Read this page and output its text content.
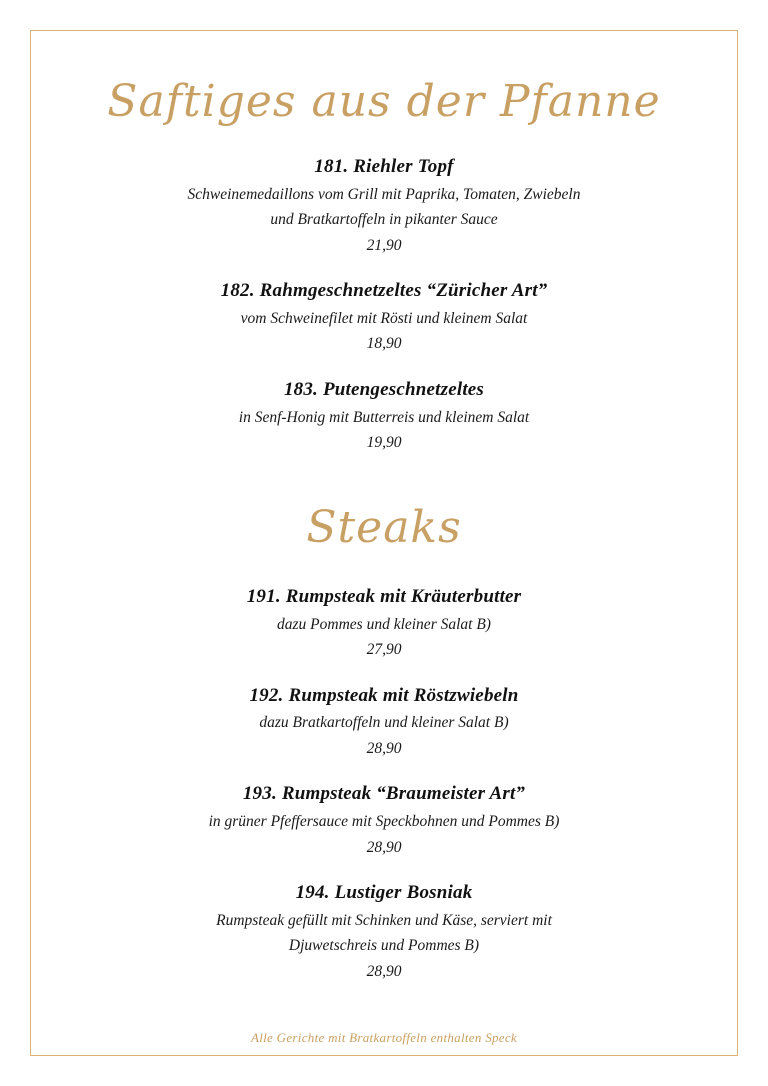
Saftiges aus der Pfanne
181. Riehler Topf
Schweinemedaillons vom Grill mit Paprika, Tomaten, Zwiebeln
und Bratkartoffeln in pikanter Sauce
21,90
182. Rahmgeschnetzeltes “Züricher Art”
vom Schweinefilet mit Rösti und kleinem Salat
18,90
183. Putengeschnetzeltes
in Senf-Honig mit Butterreis und kleinem Salat
19,90
Steaks
191. Rumpsteak mit Kräuterbutter
dazu Pommes und kleiner Salat B)
27,90
192. Rumpsteak mit Röstzwiebeln
dazu Bratkartoffeln und kleiner Salat B)
28,90
193. Rumpsteak “Braumeister Art”
in grüner Pfeffersauce mit Speckbohnen und Pommes B)
28,90
194. Lustiger Bosniak
Rumpsteak gefüllt mit Schinken und Käse, serviert mit
Djuwetschreis und Pommes B)
28,90
Alle Gerichte mit Bratkartoffeln enthalten Speck
